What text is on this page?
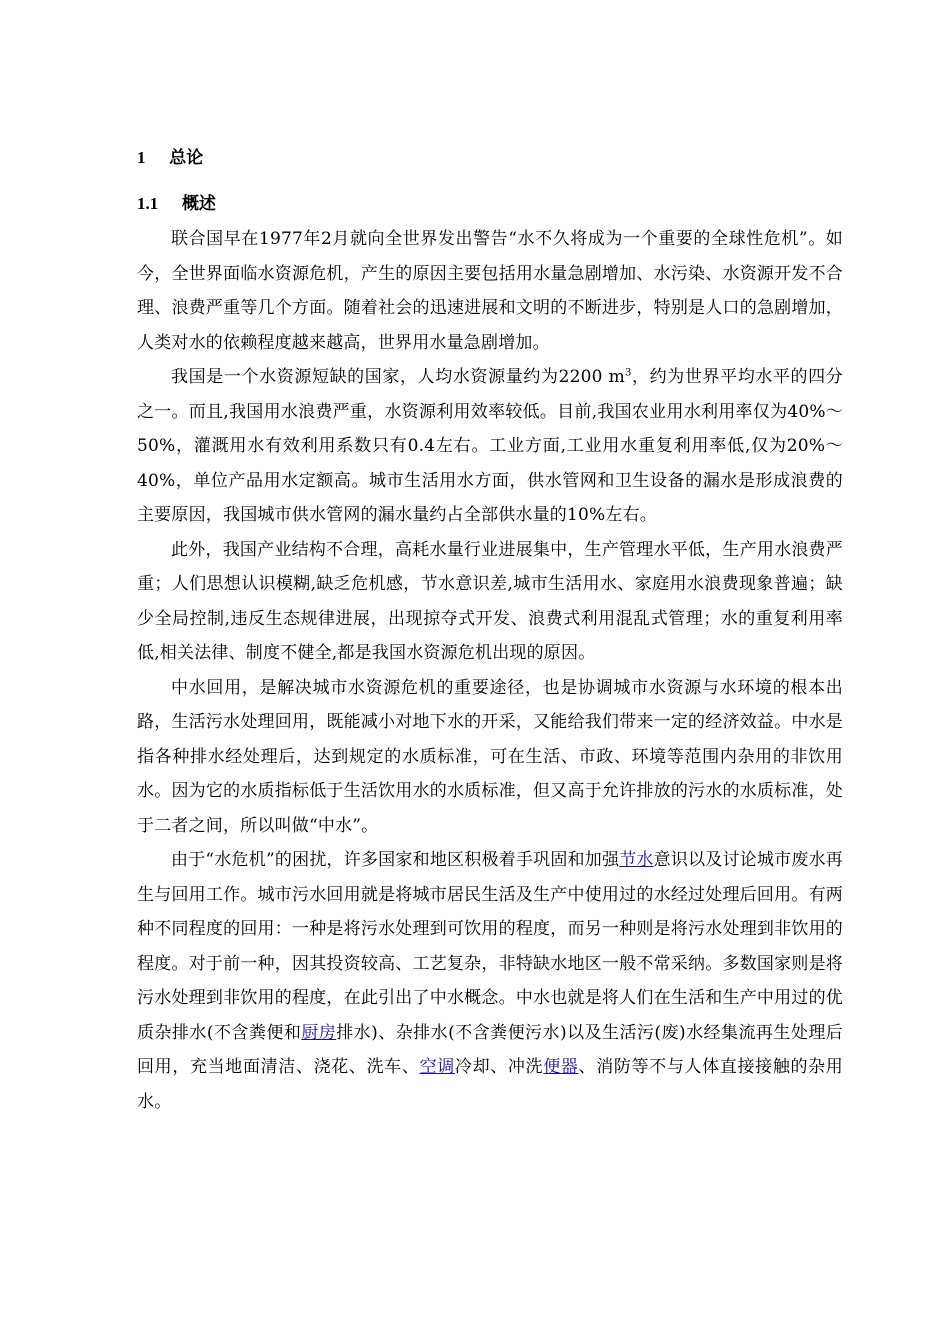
1 总论
1.1 概述

联合国早在1977年2月就向全世界发出警告“水不久将成为一个重要的全球性危机”。如今，全世界面临水资源危机，产生的原因主要包括用水量急剧增加、水污染、水资源开发不合理、浪费严重等几个方面。随着社会的迅速进展和文明的不断进步，特别是人口的急剧增加，人类对水的依赖程度越来越高，世界用水量急剧增加。

我国是一个水资源短缺的国家，人均水资源量约为2200 $m^3$，约为世界平均水平的四分之一。而且,我国用水浪费严重，水资源利用效率较低。目前,我国农业用水利用率仅为40%～50%，灌溉用水有效利用系数只有0.4左右。工业方面,工业用水重复利用率低,仅为20%～40%，单位产品用水定额高。城市生活用水方面，供水管网和卫生设备的漏水是形成浪费的主要原因，我国城市供水管网的漏水量约占全部供水量的10%左右。

此外，我国产业结构不合理，高耗水量行业进展集中，生产管理水平低，生产用水浪费严重；人们思想认识模糊,缺乏危机感，节水意识差,城市生活用水、家庭用水浪费现象普遍；缺少全局控制,违反生态规律进展，出现掠夺式开发、浪费式利用混乱式管理；水的重复利用率低,相关法律、制度不健全,都是我国水资源危机出现的原因。

中水回用，是解决城市水资源危机的重要途径，也是协调城市水资源与水环境的根本出路，生活污水处理回用，既能减小对地下水的开采，又能给我们带来一定的经济效益。中水是指各种排水经处理后，达到规定的水质标准，可在生活、市政、环境等范围内杂用的非饮用水。因为它的水质指标低于生活饮用水的水质标准，但又高于允许排放的污水的水质标准，处于二者之间，所以叫做“中水”。

由于“水危机”的困扰，许多国家和地区积极着手巩固和加强节水意识以及讨论城市废水再生与回用工作。城市污水回用就是将城市居民生活及生产中使用过的水经过处理后回用。有两种不同程度的回用：一种是将污水处理到可饮用的程度，而另一种则是将污水处理到非饮用的程度。对于前一种，因其投资较高、工艺复杂，非特缺水地区一般不常采纳。多数国家则是将污水处理到非饮用的程度，在此引出了中水概念。中水也就是将人们在生活和生产中用过的优质杂排水(不含粪便和厨房排水)、杂排水(不含粪便污水)以及生活污(废)水经集流再生处理后回用，充当地面清洁、浇花、洗车、空调冷却、冲洗便器、消防等不与人体直接接触的杂用水。
